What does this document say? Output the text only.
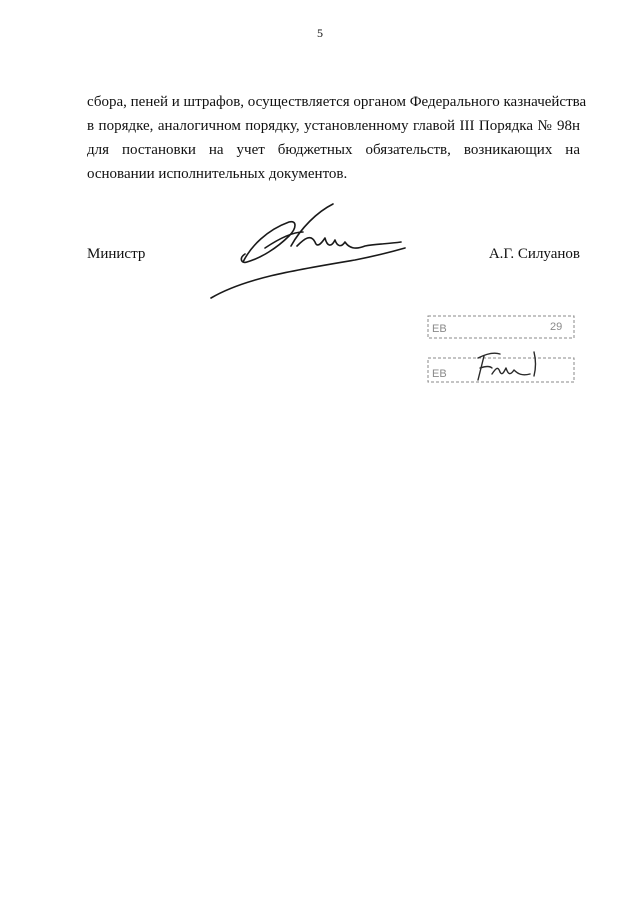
5
сбора, пеней и штрафов, осуществляется органом Федерального казначейства
в порядке, аналогичном порядку, установленному главой III Порядка № 98н
для постановки на учет бюджетных обязательств, возникающих на
основании исполнительных документов.
Министр	А.Г. Силуанов
ЕВ
ЕВ
29
